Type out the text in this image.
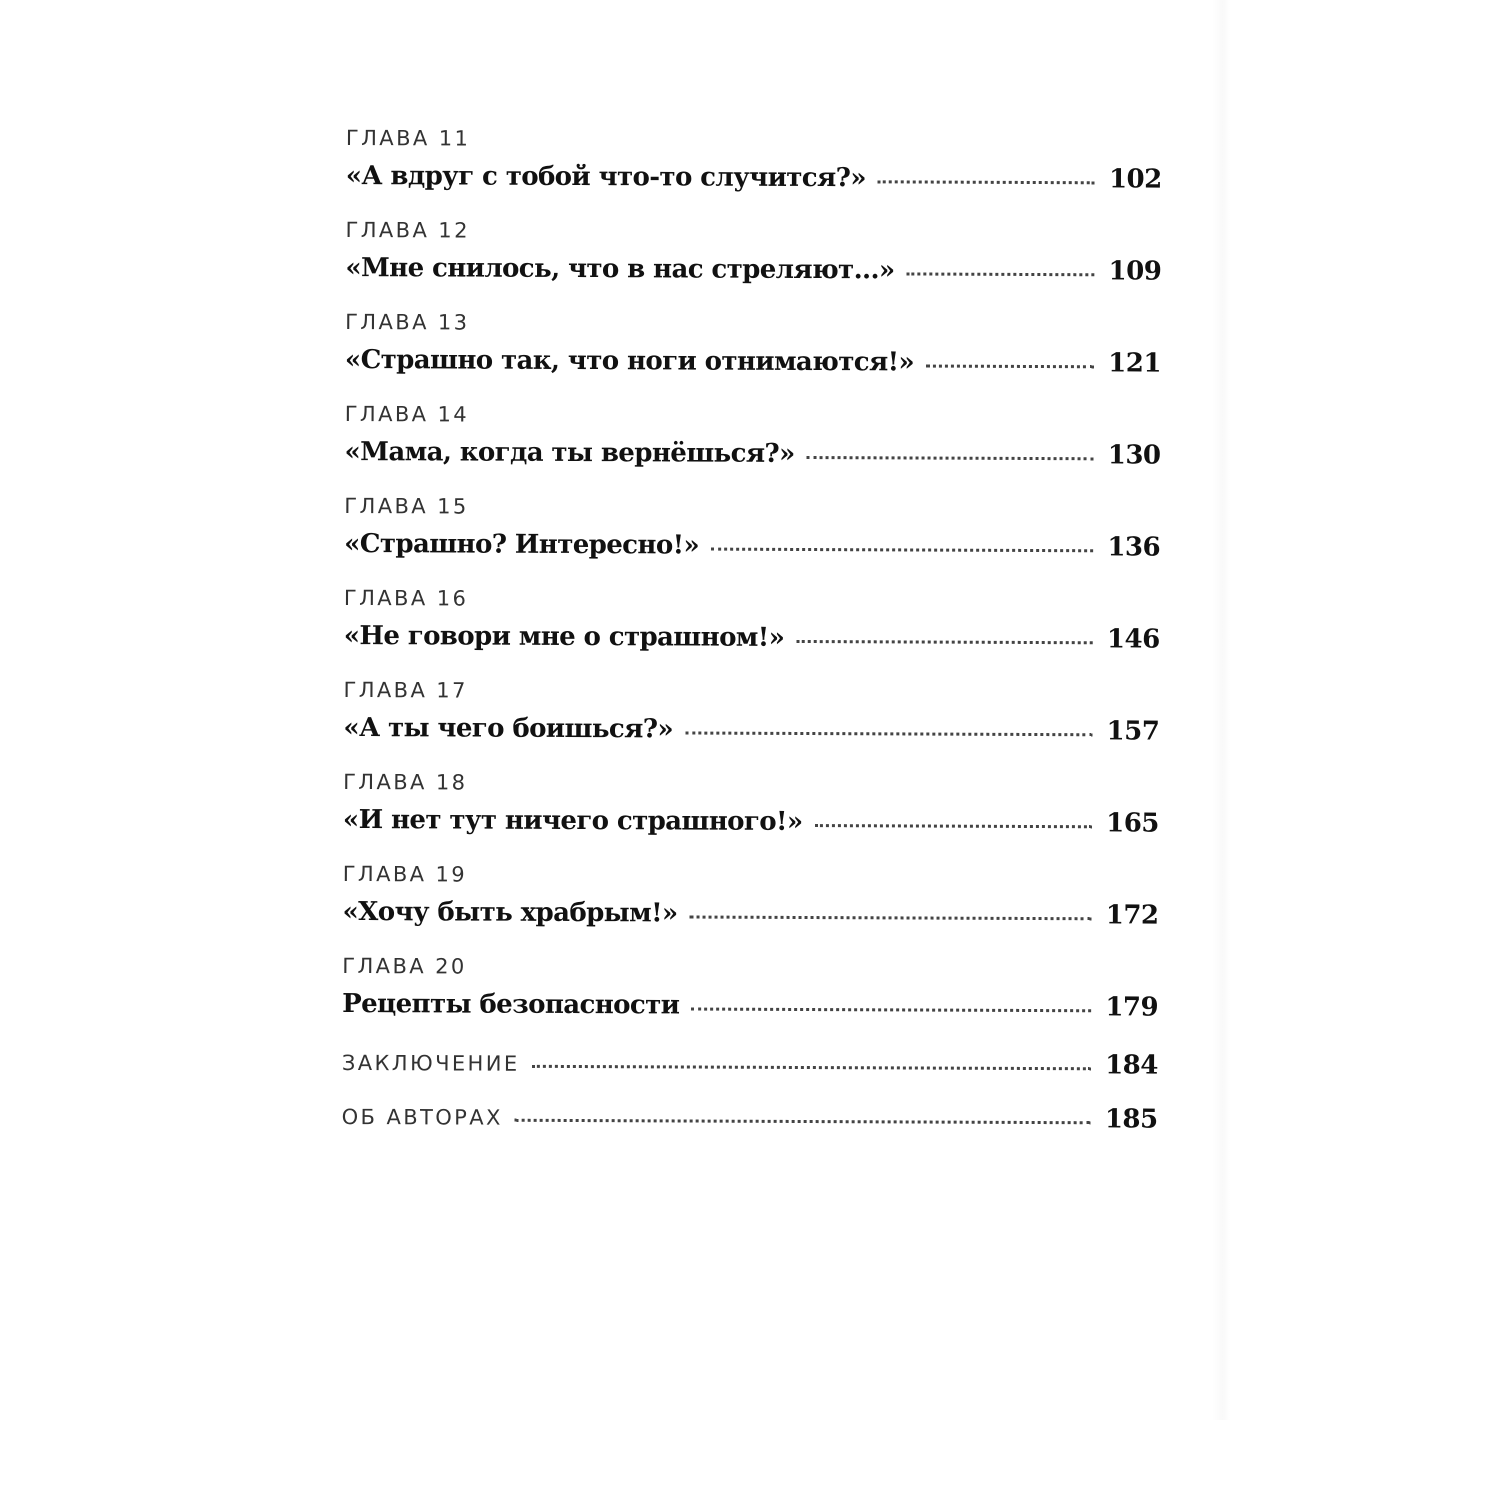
ГЛАВА 11
«А вдруг с тобой что-то случится?»	102
ГЛАВА 12
«Мне снилось, что в нас стреляют...»	109
ГЛАВА 13
«Страшно так, что ноги отнимаются!»	121
ГЛАВА 14
«Мама, когда ты вернёшься?»	130
ГЛАВА 15
«Страшно? Интересно!»	136
ГЛАВА 16
«Не говори мне о страшном!»	146
ГЛАВА 17
«А ты чего боишься?»	157
ГЛАВА 18
«И нет тут ничего страшного!»	165
ГЛАВА 19
«Хочу быть храбрым!»	172
ГЛАВА 20
Рецепты безопасности	179
ЗАКЛЮЧЕНИЕ	184
ОБ АВТОРАХ	185
